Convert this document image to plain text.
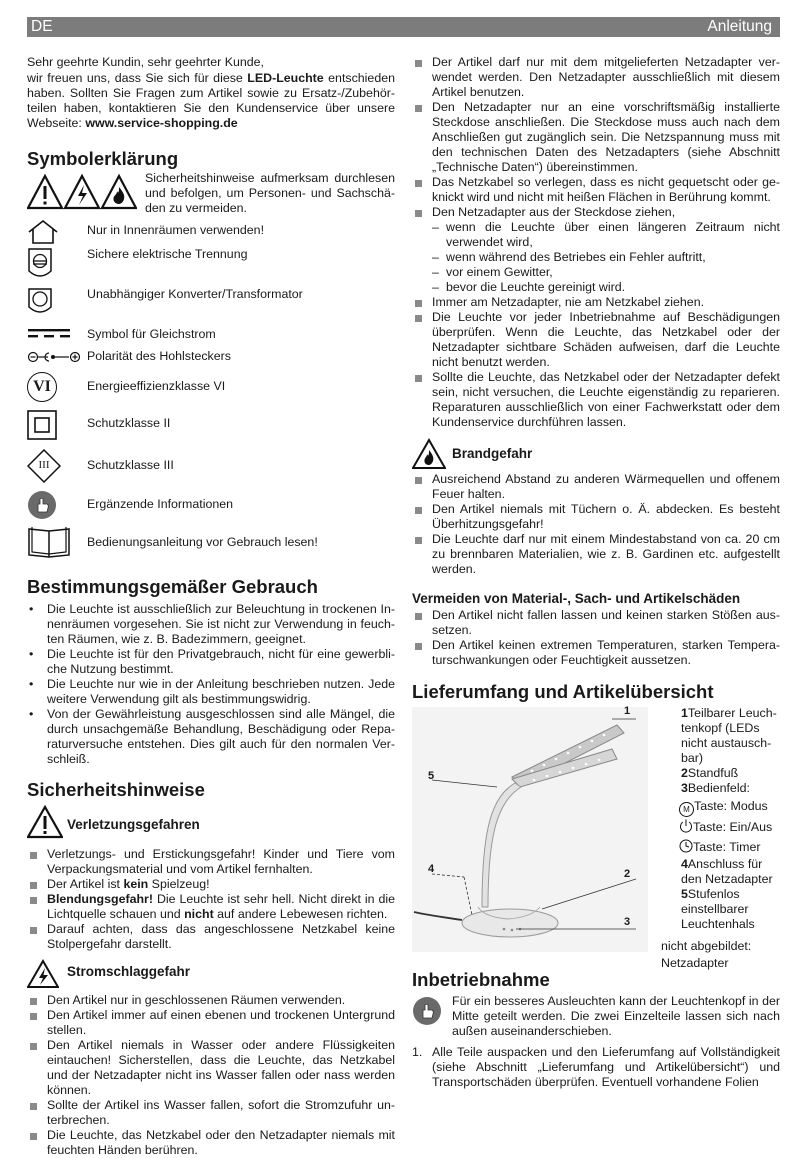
DE	Anleitung

Sehr geehrte Kundin, sehr geehrter Kunde,

wir freuen uns, dass Sie sich für diese LED-Leuchte entschieden haben. Sollten Sie Fragen zum Artikel sowie zu Ersatz-/Zubehörteilen haben, kontaktieren Sie den Kundenservice über unsere Webseite: www.service-shopping.de

Symbolerklärung

Sicherheitshinweise aufmerksam durchlesen und befolgen, um Personen- und Sachschäden zu vermeiden.

Nur in Innenräumen verwenden!
Sichere elektrische Trennung
Unabhängiger Konverter/Transformator
Symbol für Gleichstrom
Polarität des Hohlsteckers
VI	Energieeffizienzklasse VI
Schutzklasse II
III	Schutzklasse III
Ergänzende Informationen
Bedienungsanleitung vor Gebrauch lesen!
Bestimmungsgemäßer Gebrauch

• Die Leuchte ist ausschließlich zur Beleuchtung in trockenen Innenräumen vorgesehen. Sie ist nicht zur Verwendung in feuchten Räumen, wie z. B. Badezimmern, geeignet.

• Die Leuchte ist für den Privatgebrauch, nicht für eine gewerbliche Nutzung bestimmt.

• Die Leuchte nur wie in der Anleitung beschrieben nutzen. Jede weitere Verwendung gilt als bestimmungswidrig.

• Von der Gewährleistung ausgeschlossen sind alle Mängel, die durch unsachgemäße Behandlung, Beschädigung oder Reparaturversuche entstehen. Dies gilt auch für den normalen Verschleiß.

Sicherheitshinweise
Verletzungsgefahren

Verletzungs- und Erstickungsgefahr! Kinder und Tiere vom Verpackungsmaterial und vom Artikel fernhalten.

Der Artikel ist kein Spielzeug!

Blendungsgefahr! Die Leuchte ist sehr hell. Nicht direkt in die Lichtquelle schauen und nicht auf andere Lebewesen richten.

Darauf achten, dass das angeschlossene Netzkabel keine Stolpergefahr darstellt.

Stromschlaggefahr

Den Artikel nur in geschlossenen Räumen verwenden.

Den Artikel immer auf einen ebenen und trockenen Untergrund stellen.

Den Artikel niemals in Wasser oder andere Flüssigkeiten eintauchen! Sicherstellen, dass die Leuchte, das Netzkabel und der Netzadapter nicht ins Wasser fallen oder nass werden können.

Sollte der Artikel ins Wasser fallen, sofort die Stromzufuhr unterbrechen.

Die Leuchte, das Netzkabel oder den Netzadapter niemals mit feuchten Händen berühren.

Der Artikel darf nur mit dem mitgelieferten Netzadapter verwendet werden. Den Netzadapter ausschließlich mit diesem Artikel benutzen.

Den Netzadapter nur an eine vorschriftsmäßig installierte Steckdose anschließen. Die Steckdose muss auch nach dem Anschließen gut zugänglich sein. Die Netzspannung muss mit den technischen Daten des Netzadapters (siehe Abschnitt „Technische Daten“) übereinstimmen.

Das Netzkabel so verlegen, dass es nicht gequetscht oder geknickt wird und nicht mit heißen Flächen in Berührung kommt.

Den Netzadapter aus der Steckdose ziehen,

– wenn die Leuchte über einen längeren Zeitraum nicht verwendet wird,

– wenn während des Betriebes ein Fehler auftritt,

– vor einem Gewitter,

– bevor die Leuchte gereinigt wird.

Immer am Netzadapter, nie am Netzkabel ziehen.

Die Leuchte vor jeder Inbetriebnahme auf Beschädigungen überprüfen. Wenn die Leuchte, das Netzkabel oder der Netzadapter sichtbare Schäden aufweisen, darf die Leuchte nicht benutzt werden.

Sollte die Leuchte, das Netzkabel oder der Netzadapter defekt sein, nicht versuchen, die Leuchte eigenständig zu reparieren. Reparaturen ausschließlich von einer Fachwerkstatt oder dem Kundenservice durchführen lassen.

Brandgefahr

Ausreichend Abstand zu anderen Wärmequellen und offenem Feuer halten.

Den Artikel niemals mit Tüchern o. Ä. abdecken. Es besteht Überhitzungsgefahr!

Die Leuchte darf nur mit einem Mindestabstand von ca. 20 cm zu brennbaren Materialien, wie z. B. Gardinen etc. aufgestellt werden.

Vermeiden von Material-, Sach- und Artikelschäden

Den Artikel nicht fallen lassen und keinen starken Stößen aussetzen.

Den Artikel keinen extremen Temperaturen, starken Temperaturschwankungen oder Feuchtigkeit aussetzen.

Lieferumfang und Artikelübersicht
1
5
4	2
3

1Teilbarer Leuchtenkopf (LEDs nicht austauschbar)

2Standfuß

3Bedienfeld:

M Taste: Modus
Taste: Ein/Aus
Taste: Timer

4Anschluss für den Netzadapter

5Stufenlos einstellbarer Leuchtenhals

nicht abgebildet: Netzadapter

Inbetriebnahme

Für ein besseres Ausleuchten kann der Leuchtenkopf in der Mitte geteilt werden. Die zwei Einzelteile lassen sich nach außen auseinanderschieben.

1. Alle Teile auspacken und den Lieferumfang auf Vollständigkeit (siehe Abschnitt „Lieferumfang und Artikelübersicht“) und Transportschäden überprüfen. Eventuell vorhandene Folien
